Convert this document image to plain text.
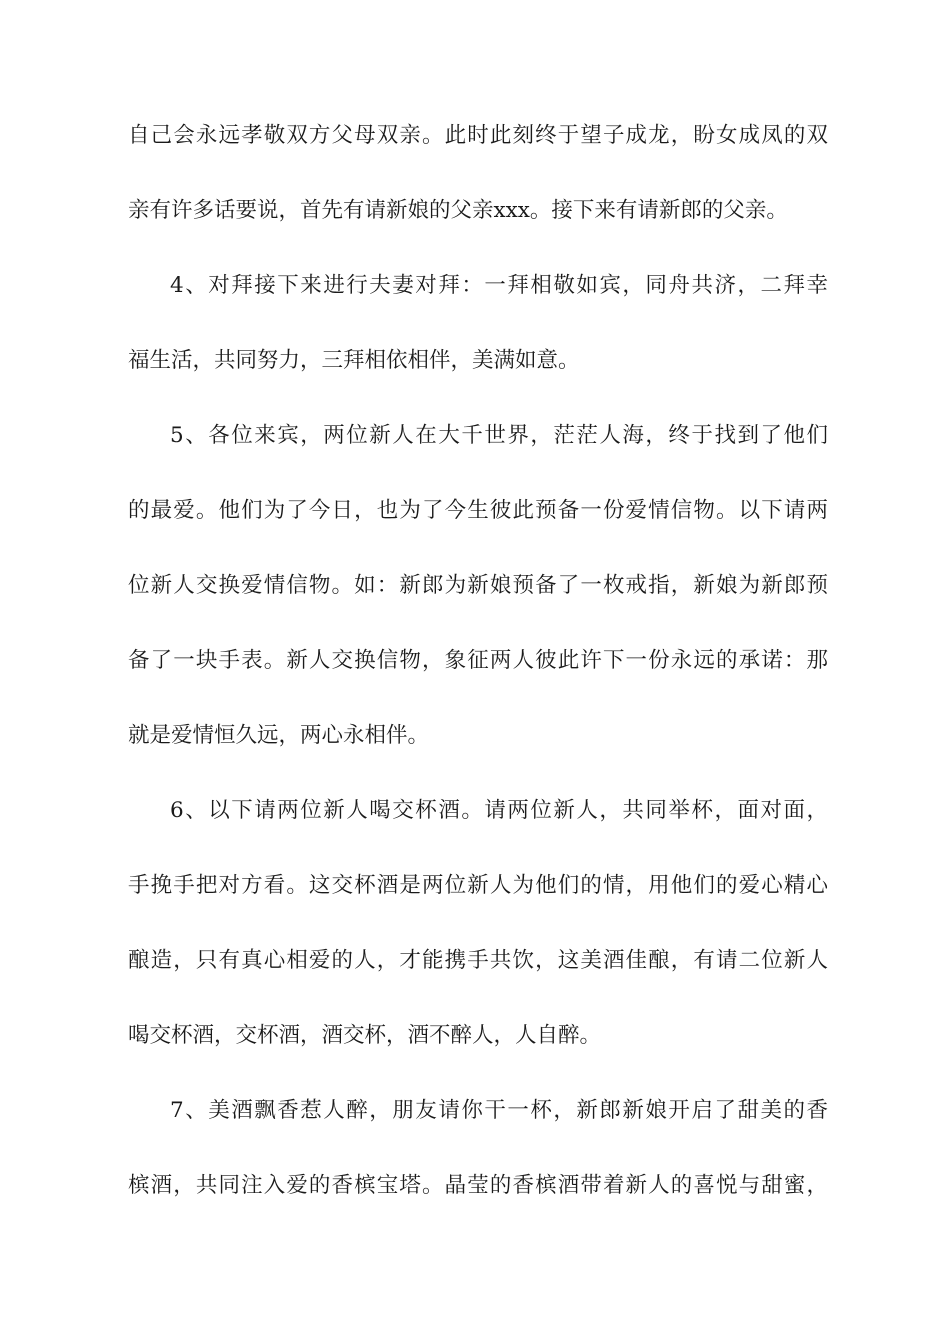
自己会永远孝敬双方父母双亲。此时此刻终于望子成龙，盼女成凤的双
亲有许多话要说，首先有请新娘的父亲xxx。接下来有请新郎的父亲。
4、对拜接下来进行夫妻对拜：一拜相敬如宾，同舟共济，二拜幸
福生活，共同努力，三拜相依相伴，美满如意。
5、各位来宾，两位新人在大千世界，茫茫人海，终于找到了他们
的最爱。他们为了今日，也为了今生彼此预备一份爱情信物。以下请两
位新人交换爱情信物。如：新郎为新娘预备了一枚戒指，新娘为新郎预
备了一块手表。新人交换信物，象征两人彼此许下一份永远的承诺：那
就是爱情恒久远，两心永相伴。
6、以下请两位新人喝交杯酒。请两位新人，共同举杯，面对面，
手挽手把对方看。这交杯酒是两位新人为他们的情，用他们的爱心精心
酿造，只有真心相爱的人，才能携手共饮，这美酒佳酿，有请二位新人
喝交杯酒，交杯酒，酒交杯，酒不醉人，人自醉。
7、美酒飘香惹人醉，朋友请你干一杯，新郎新娘开启了甜美的香
槟酒，共同注入爱的香槟宝塔。晶莹的香槟酒带着新人的喜悦与甜蜜，
